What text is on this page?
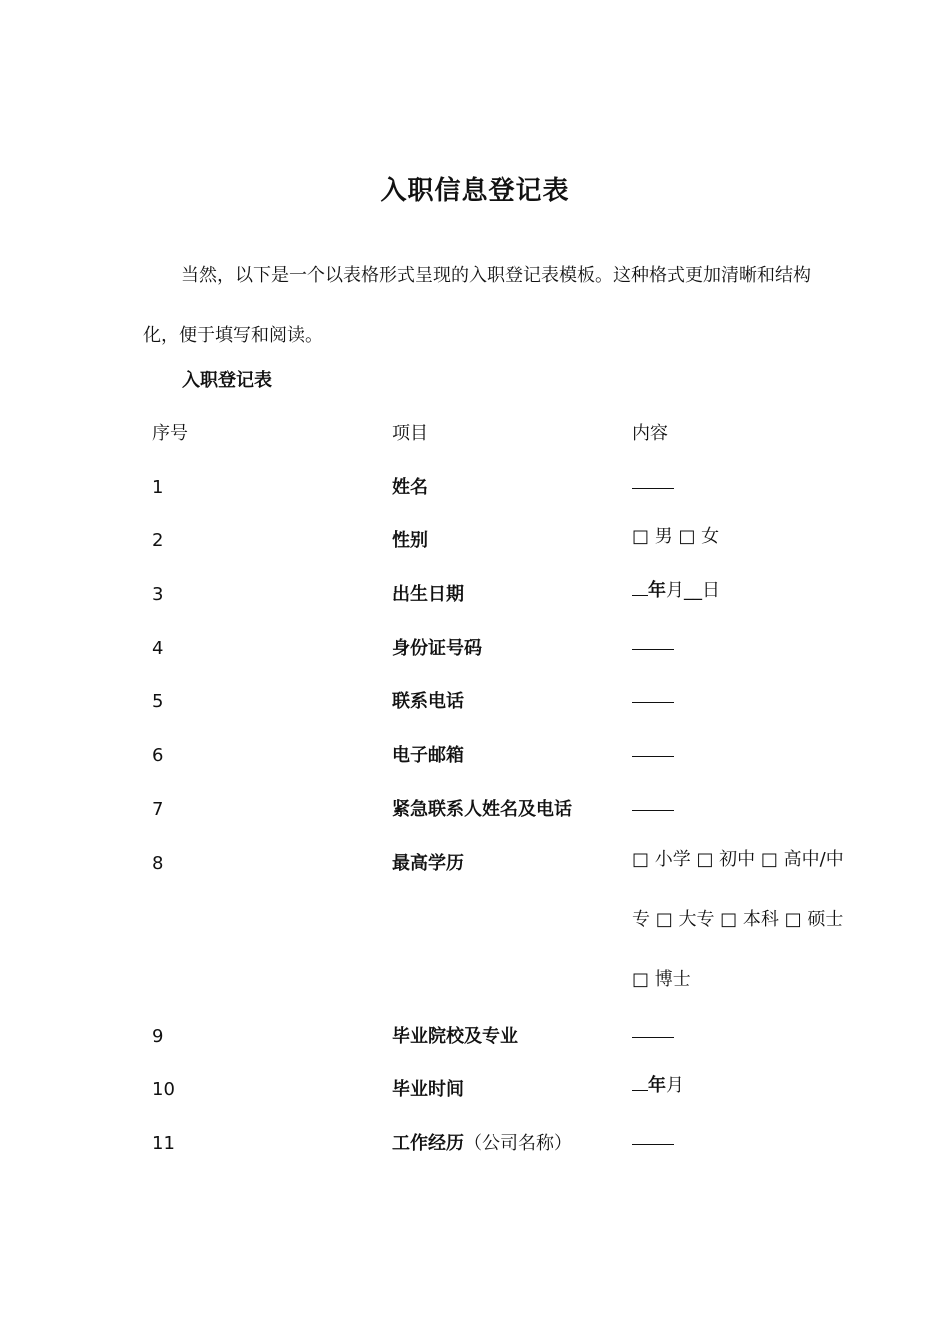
入职信息登记表

当然，以下是一个以表格形式呈现的入职登记表模板。这种格式更加清晰和结构化，便于填写和阅读。

入职登记表
序号	项目	内容
1	姓名
2	性别	□ 男 □ 女
3	出生日期	年月__日
4	身份证号码
5	联系电话
6	电子邮箱
7	紧急联系人姓名及电话
8	最高学历	□ 小学 □ 初中 □ 高中/中专 □ 大专 □ 本科 □ 硕士 □ 博士
9	毕业院校及专业
10	毕业时间	年月
11	工作经历（公司名称）
